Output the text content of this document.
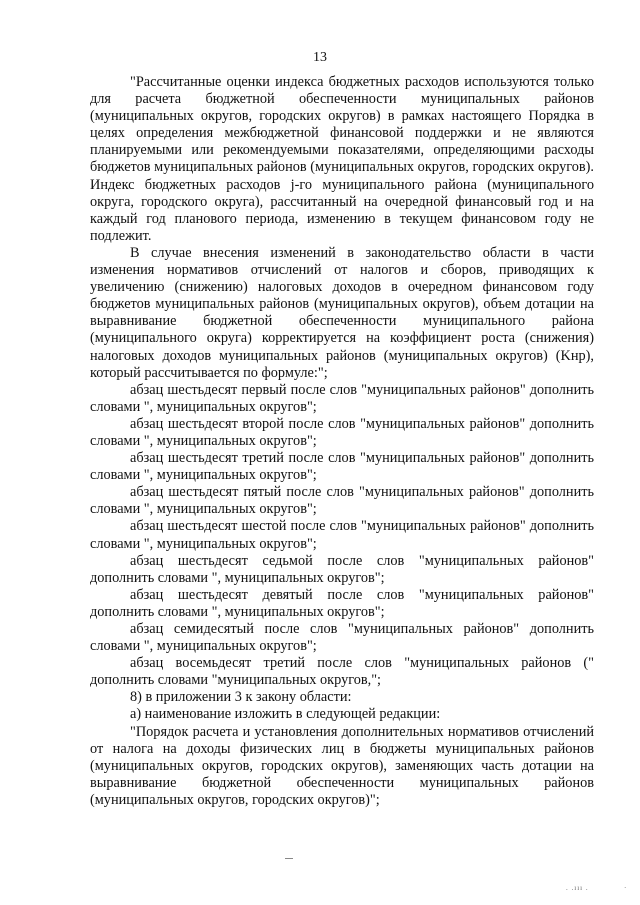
13

"Рассчитанные оценки индекса бюджетных расходов используются только для расчета бюджетной обеспеченности муниципальных районов (муниципальных округов, городских округов) в рамках настоящего Порядка в целях определения межбюджетной финансовой поддержки и не являются планируемыми или рекомендуемыми показателями, определяющими расходы бюджетов муниципальных районов (муниципальных округов, городских округов). Индекс бюджетных расходов j-го муниципального района (муниципального округа, городского округа), рассчитанный на очередной финансовый год и на каждый год планового периода, изменению в текущем финансовом году не подлежит.

В случае внесения изменений в законодательство области в части изменения нормативов отчислений от налогов и сборов, приводящих к увеличению (снижению) налоговых доходов в очередном финансовом году бюджетов муниципальных районов (муниципальных округов), объем дотации на выравнивание бюджетной обеспеченности муниципального района (муниципального округа) корректируется на коэффициент роста (снижения) налоговых доходов муниципальных районов (муниципальных округов) (Kнр), который рассчитывается по формуле:";

абзац шестьдесят первый после слов "муниципальных районов" дополнить словами ", муниципальных округов";

абзац шестьдесят второй после слов "муниципальных районов" дополнить словами ", муниципальных округов";

абзац шестьдесят третий после слов "муниципальных районов" дополнить словами ", муниципальных округов";

абзац шестьдесят пятый после слов "муниципальных районов" дополнить словами ", муниципальных округов";

абзац шестьдесят шестой после слов "муниципальных районов" дополнить словами ", муниципальных округов";

абзац шестьдесят седьмой после слов "муниципальных районов" дополнить словами ", муниципальных округов";

абзац шестьдесят девятый после слов "муниципальных районов" дополнить словами ", муниципальных округов";

абзац семидесятый после слов "муниципальных районов" дополнить словами ", муниципальных округов";

абзац восемьдесят третий после слов "муниципальных районов (" дополнить словами "муниципальных округов,";

8) в приложении 3 к закону области:

а) наименование изложить в следующей редакции:

"Порядок расчета и установления дополнительных нормативов отчислений от налога на доходы физических лиц в бюджеты муниципальных районов (муниципальных округов, городских округов), заменяющих часть дотации на выравнивание бюджетной обеспеченности муниципальных районов (муниципальных округов, городских округов)";

. .ııı .	·
